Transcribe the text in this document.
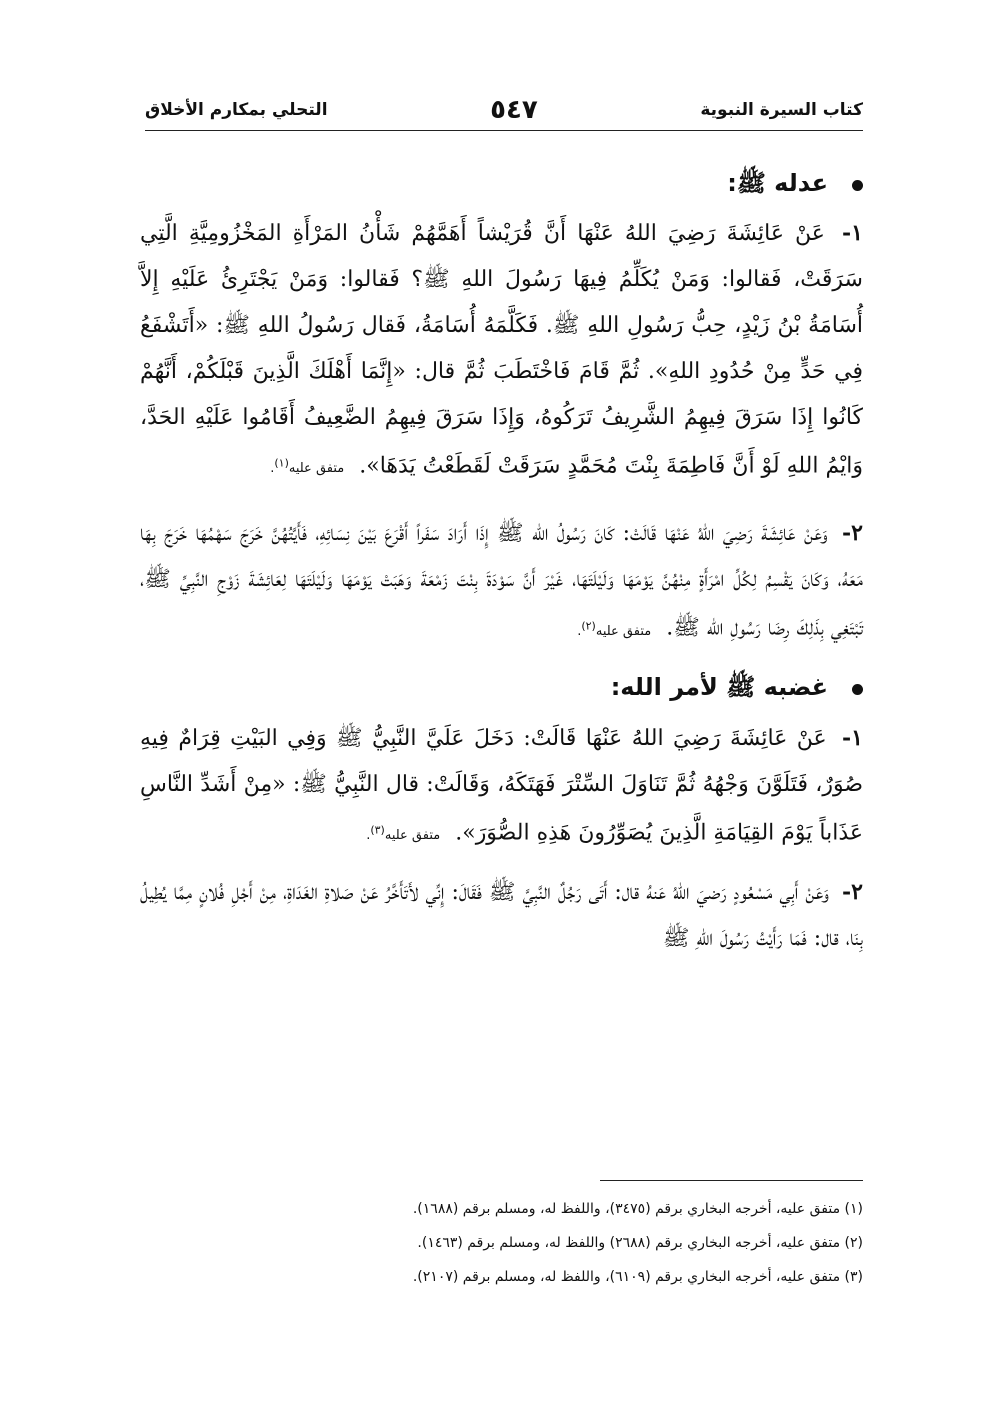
كتاب السيرة النبوية
٥٤٧
التحلي بمكارم الأخلاق
عدله ﷺ:
١- عَنْ عَائِشَةَ رَضِيَ اللهُ عَنْهَا أَنَّ قُرَيْشاً أَهَمَّهُمْ شَأْنُ المَرْأَةِ المَخْزُومِيَّةِ الَّتِي سَرَقَتْ، فَقالوا: وَمَنْ يُكَلِّمُ فِيهَا رَسُولَ اللهِ ﷺ؟ فَقالوا: وَمَنْ يَجْتَرِئُ عَلَيْهِ إِلاَّ أُسَامَةُ بْنُ زَيْدٍ، حِبُّ رَسُولِ اللهِ ﷺ. فَكَلَّمَهُ أُسَامَةُ، فَقال رَسُولُ اللهِ ﷺ: «أَتَشْفَعُ فِي حَدٍّ مِنْ حُدُودِ اللهِ». ثُمَّ قَامَ فَاخْتَطَبَ ثُمَّ قال: «إِنَّمَا أَهْلَكَ الَّذِينَ قَبْلَكُمْ، أَنَّهُمْ كَانُوا إِذَا سَرَقَ فِيهِمُ الشَّرِيفُ تَرَكُوهُ، وَإِذَا سَرَقَ فِيهِمُ الضَّعِيفُ أَقَامُوا عَلَيْهِ الحَدَّ، وَايْمُ اللهِ لَوْ أَنَّ فَاطِمَةَ بِنْتَ مُحَمَّدٍ سَرَقَتْ لَقَطَعْتُ يَدَهَا». متفق عليه$^{(١)}$.
٢- وَعَنْ عَائِشَةَ رَضِيَ اللهُ عَنْهَا قَالَتْ: كَانَ رَسُولُ الله ﷺ إِذَا أَرَادَ سَفَراً أَقْرَعَ بَيْنَ نِسَائِهِ، فَأَيَّتُهُنَّ خَرَجَ سَهْمُهَا خَرَجَ بِهَا مَعَهُ، وَكَانَ يَقْسِمُ لِكُلِّ امْرَأَةٍ مِنْهُنَّ يَوْمَهَا وَلَيْلَتَهَا، غَيْرَ أَنَّ سَوْدَةَ بِنْتَ زَمْعَةَ وَهَبَتْ يَوْمَهَا وَلَيْلَتَهَا لِعَائِشَةَ زَوْجِ النَّبِيِّ ﷺ، تَبْتَغِي بِذَلِكَ رِضَا رَسُولِ الله ﷺ. متفق عليه$^{(٢)}$.
غضبه ﷺ لأمر الله:
١- عَنْ عَائِشَةَ رَضِيَ اللهُ عَنْهَا قَالَتْ: دَخَلَ عَلَيَّ النَّبِيُّ ﷺ وَفِي البَيْتِ قِرَامٌ فِيهِ صُوَرٌ، فَتَلَوَّنَ وَجْهُهُ ثُمَّ تَنَاوَلَ السِّتْرَ فَهَتَكَهُ، وَقَالَتْ: قال النَّبِيُّ ﷺ: «مِنْ أَشَدِّ النَّاسِ عَذَاباً يَوْمَ القِيَامَةِ الَّذِينَ يُصَوِّرُونَ هَذِهِ الصُّوَرَ». متفق عليه$^{(٣)}$.
٢- وَعَنْ أَبِي مَسْعُودٍ رَضيَ اللهُ عَنهُ قال: أَتَى رَجُلٌ النَّبِيَّ ﷺ فَقَالَ: إِنِّي لأَتَأَخَّرُ عَنْ صَلاةِ الغَدَاةِ، مِنْ أَجْلِ فُلانٍ مِمَّا يُطِيلُ بِنَا، قال: فَمَا رَأَيْتُ رَسُولَ اللهِ ﷺ
(١) متفق عليه، أخرجه البخاري برقم (٣٤٧٥)، واللفظ له، ومسلم برقم (١٦٨٨).
(٢) متفق عليه، أخرجه البخاري برقم (٢٦٨٨) واللفظ له، ومسلم برقم (١٤٦٣).
(٣) متفق عليه، أخرجه البخاري برقم (٦١٠٩)، واللفظ له، ومسلم برقم (٢١٠٧).
